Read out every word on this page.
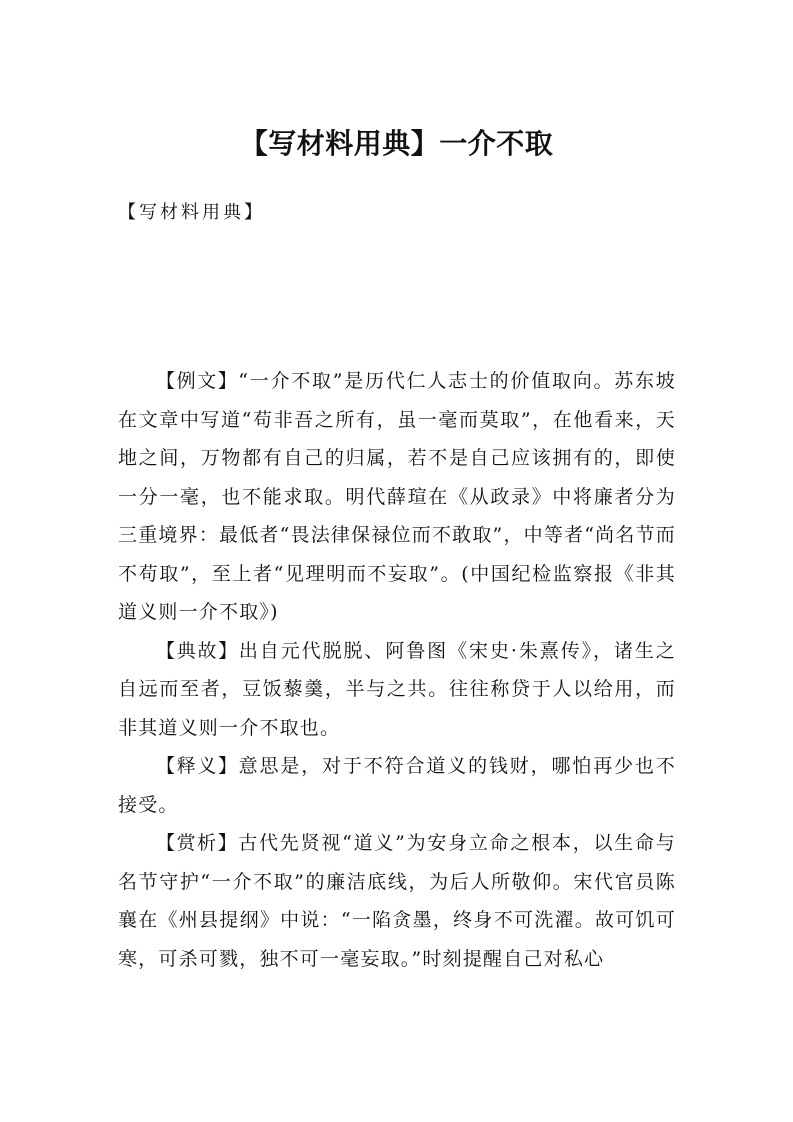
【写材料用典】一介不取

【写材料用典】

【例文】“一介不取”是历代仁人志士的价值取向。苏东坡在文章中写道“苟非吾之所有，虽一毫而莫取”，在他看来，天地之间，万物都有自己的归属，若不是自己应该拥有的，即使一分一毫，也不能求取。明代薛瑄在《从政录》中将廉者分为三重境界：最低者“畏法律保禄位而不敢取”，中等者“尚名节而不苟取”，至上者“见理明而不妄取”。(中国纪检监察报《非其道义则一介不取》)

【典故】出自元代脱脱、阿鲁图《宋史·朱熹传》，诸生之自远而至者，豆饭藜羹，半与之共。往往称贷于人以给用，而非其道义则一介不取也。

【释义】意思是，对于不符合道义的钱财，哪怕再少也不接受。

【赏析】古代先贤视“道义”为安身立命之根本，以生命与名节守护“一介不取”的廉洁底线，为后人所敬仰。宋代官员陈襄在《州县提纲》中说：“一陷贪墨，终身不可洗濯。故可饥可寒，可杀可戮，独不可一毫妄取。”时刻提醒自己对私心
